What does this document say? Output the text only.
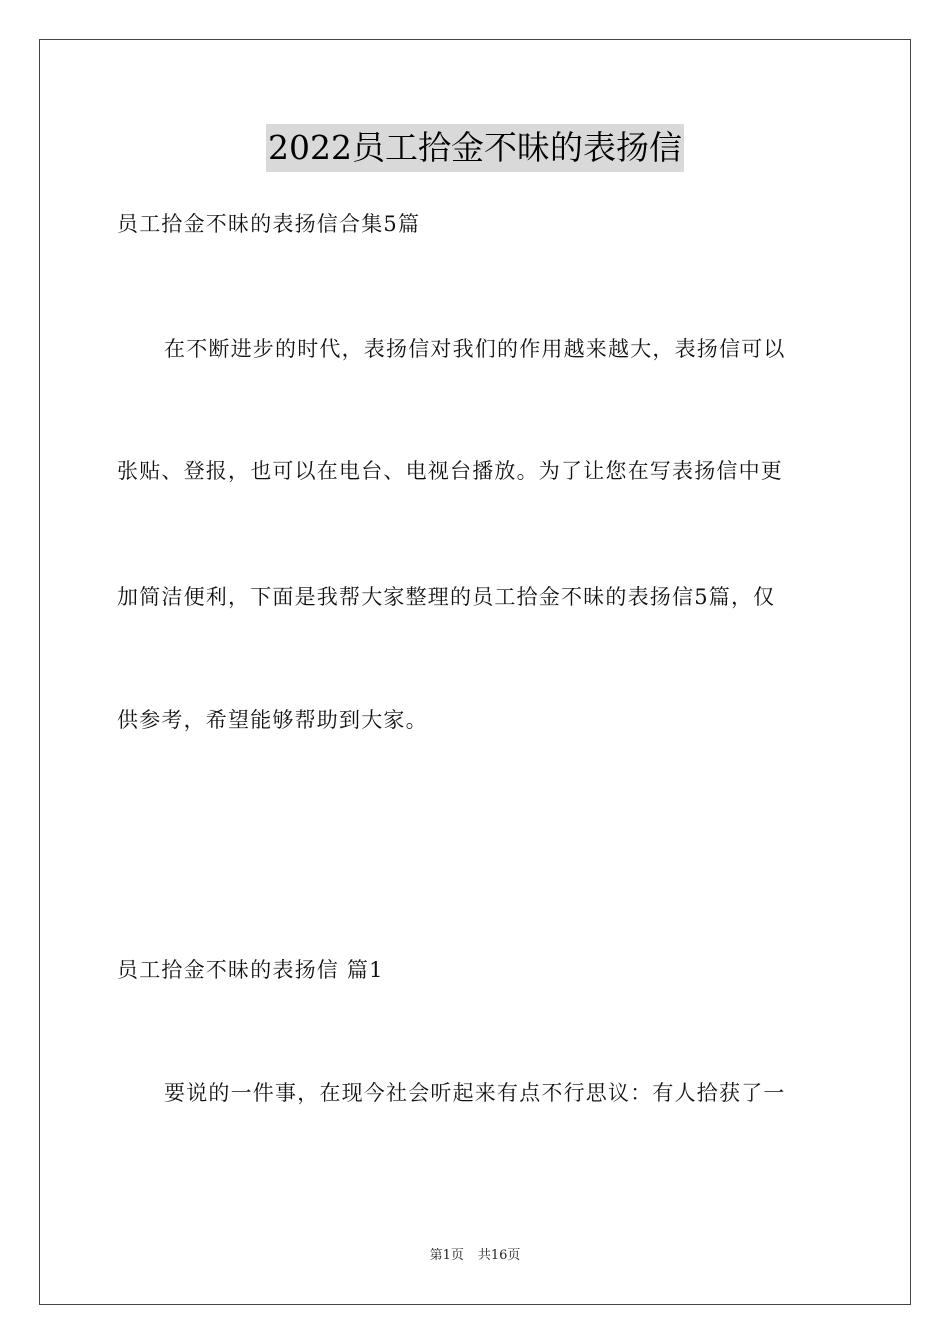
2022员工拾金不昧的表扬信
员工拾金不昧的表扬信合集5篇
在不断进步的时代，表扬信对我们的作用越来越大，表扬信可以
张贴、登报，也可以在电台、电视台播放。为了让您在写表扬信中更
加简洁便利，下面是我帮大家整理的员工拾金不昧的表扬信5篇，仅
供参考，希望能够帮助到大家。
员工拾金不昧的表扬信 篇1
要说的一件事，在现今社会听起来有点不行思议：有人拾获了一
第1页 共16页
